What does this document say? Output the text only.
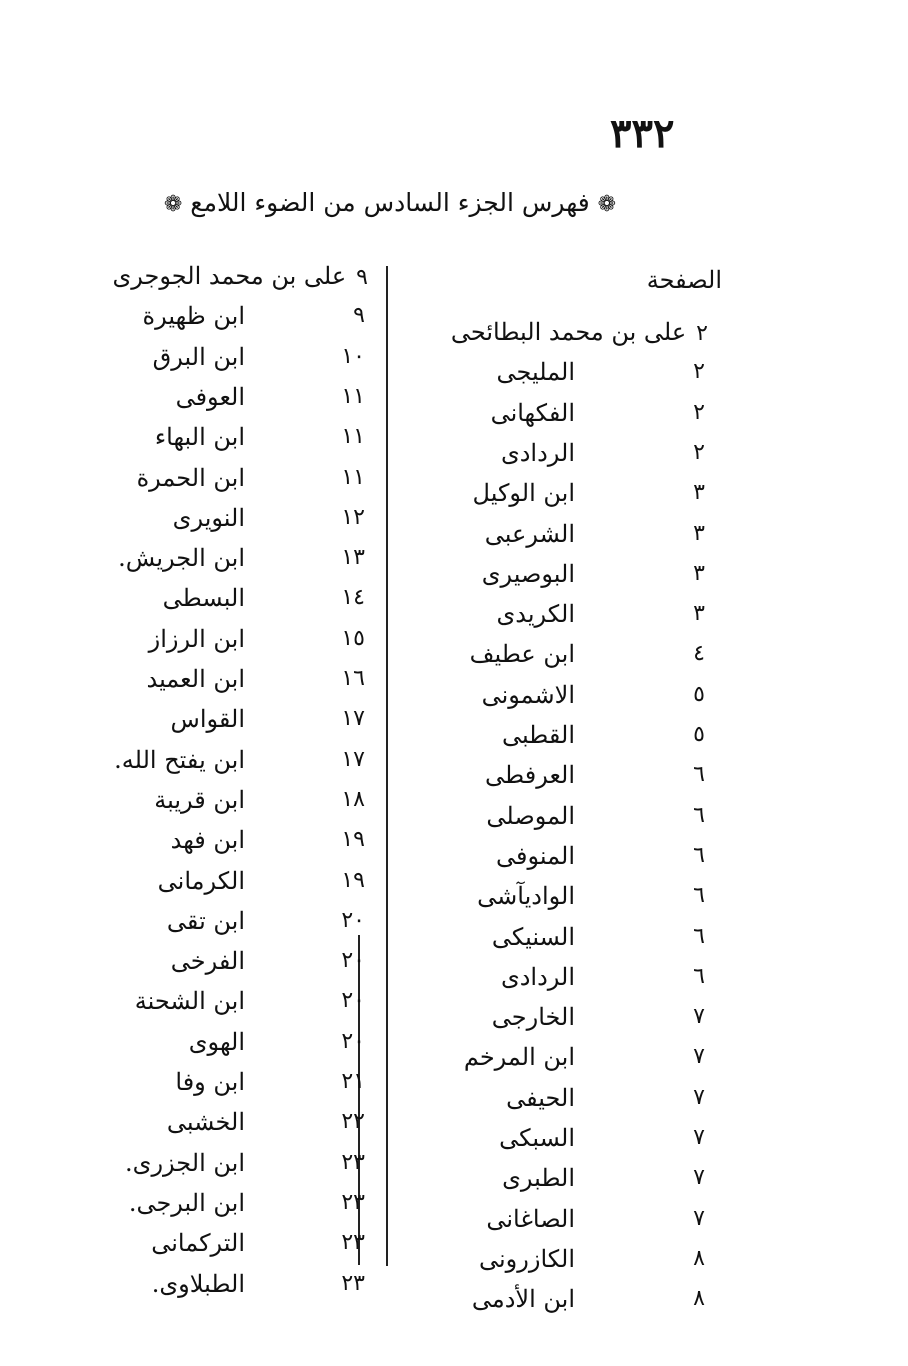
٣٣٢
❁ فهرس الجزء السادس من الضوء اللامع ❁
الصفحة
٢على بن محمد البطائحى
٢
المليجى
٢
الفكهانى
٢
الردادى
٣
ابن الوكيل
٣
الشرعبى
٣
البوصيرى
٣
الكريدى
٤
ابن عطيف
٥
الاشمونى
٥
القطبى
٦
العرفطى
٦
الموصلى
٦
المنوفى
٦
الواديآشى
٦
السنيكى
٦
الردادى
٧
الخارجى
٧
ابن المرخم
٧
الحيفى
٧
السبكى
٧
الطبرى
٧
الصاغانى
٨
الكازرونى
٨
ابن الأدمى
٩على بن محمد الجوجرى
٩
ابن ظهيرة
١٠
ابن البرق
١١
العوفى
١١
ابن البهاء
١١
ابن الحمرة
١٢
النويرى
١٣
ابن الجريش.
١٤
البسطى
١٥
ابن الرزاز
١٦
ابن العميد
١٧
القواس
١٧
ابن يفتح الله.
١٨
ابن قريبة
١٩
ابن فهد
١٩
الكرمانى
٢٠
ابن تقى
٢٠
الفرخى
٢٠
ابن الشحنة
٢٠
الهوى
٢١
ابن وفا
٢٢
الخشبى
٢٣
ابن الجزرى.
٢٣
ابن البرجى.
٢٣
التركمانى
٢٣
الطبلاوى.
